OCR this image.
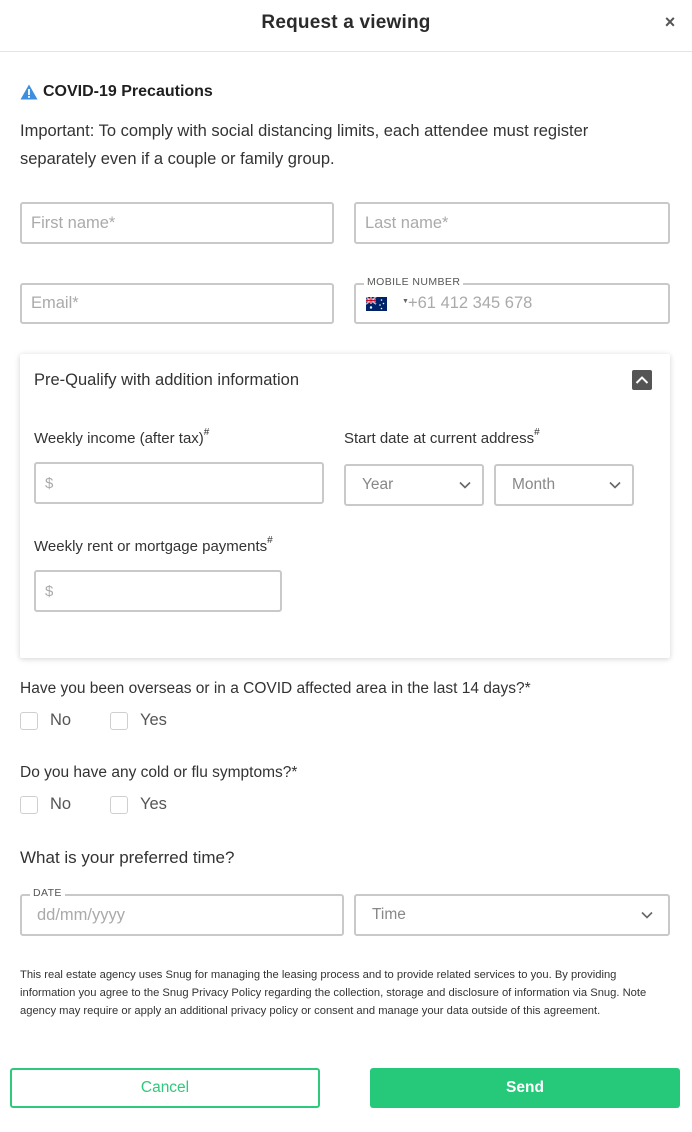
Request a viewing	×
COVID-19 Precautions
Important: To comply with social distancing limits, each attendee must register separately even if a couple or family group.
First name*
Last name*
Email*
MOBILE NUMBER
▼
+61 412 345 678
Pre-Qualify with addition information
Weekly income (after tax)#	Start date at current address#
$
Year	Month
Weekly rent or mortgage payments#
$
Have you been overseas or in a COVID affected area in the last 14 days?*
No	Yes
Do you have any cold or flu symptoms?*
No	Yes
What is your preferred time?
DATE
dd/mm/yyyy
Time
This real estate agency uses Snug for managing the leasing process and to provide related services to you. By providing information you agree to the Snug Privacy Policy regarding the collection, storage and disclosure of information via Snug. Note agency may require or apply an additional privacy policy or consent and manage your data outside of this agreement.
Cancel	Send
